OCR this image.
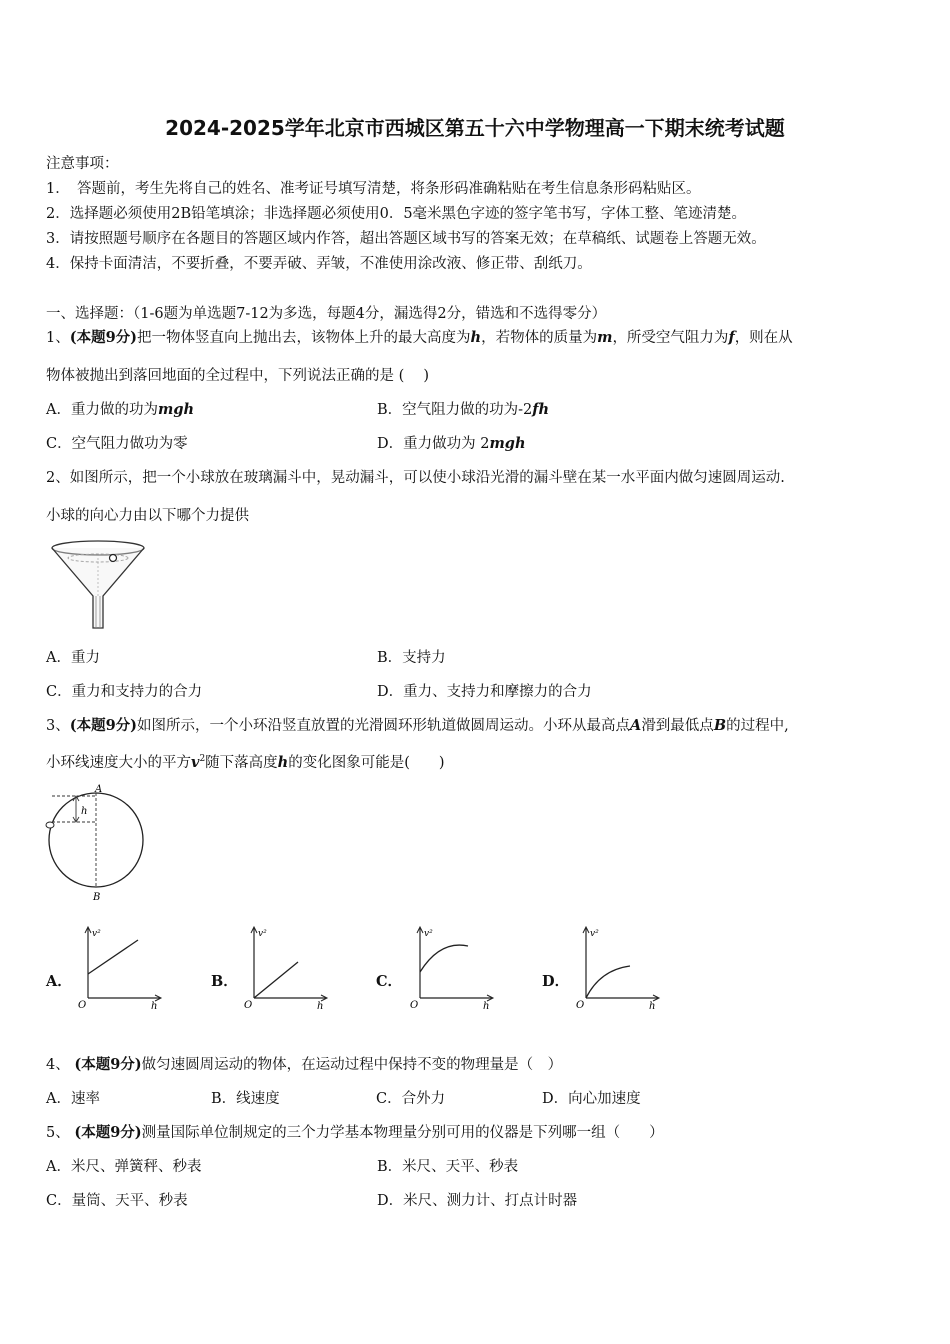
2024-2025学年北京市西城区第五十六中学物理高一下期末统考试题
注意事项：
1．　答题前，考生先将自己的姓名、准考证号填写清楚，将条形码准确粘贴在考生信息条形码粘贴区。
2．选择题必须使用2B铅笔填涂；非选择题必须使用0．5毫米黑色字迹的签字笔书写，字体工整、笔迹清楚。
3．请按照题号顺序在各题目的答题区域内作答，超出答题区域书写的答案无效；在草稿纸、试题卷上答题无效。
4．保持卡面清洁，不要折叠，不要弄破、弄皱，不准使用涂改液、修正带、刮纸刀。
一、选择题：（1-6题为单选题7-12为多选，每题4分，漏选得2分，错选和不选得零分）
1、(本题9分)把一物体竖直向上抛出去，该物体上升的最大高度为h，若物体的质量为m，所受空气阻力为f，则在从
物体被抛出到落回地面的全过程中，下列说法正确的是 (　 )
A．重力做的功为mgh	B．空气阻力做的功为-2fh
C．空气阻力做功为零	D．重力做功为 2mgh
2、如图所示，把一个小球放在玻璃漏斗中，晃动漏斗，可以使小球沿光滑的漏斗壁在某一水平面内做匀速圆周运动.
小球的向心力由以下哪个力提供
A．重力	B．支持力
C．重力和支持力的合力	D．重力、支持力和摩擦力的合力
3、(本题9分)如图所示，一个小环沿竖直放置的光滑圆环形轨道做圆周运动。小环从最高点A滑到最低点B的过程中,
小环线速度大小的平方$v^2$随下落高度h的变化图象可能是(　　)
A
h
B
A．
v²
O	h
B．
v²
O	h
C．
v²
O	h
D．
v²
O	h
4、 (本题9分)做匀速圆周运动的物体，在运动过程中保持不变的物理量是（　）
A．速率	B．线速度	C．合外力	D．向心加速度
5、 (本题9分)测量国际单位制规定的三个力学基本物理量分别可用的仪器是下列哪一组（　　）
A．米尺、弹簧秤、秒表	B．米尺、天平、秒表
C．量筒、天平、秒表	D．米尺、测力计、打点计时器
